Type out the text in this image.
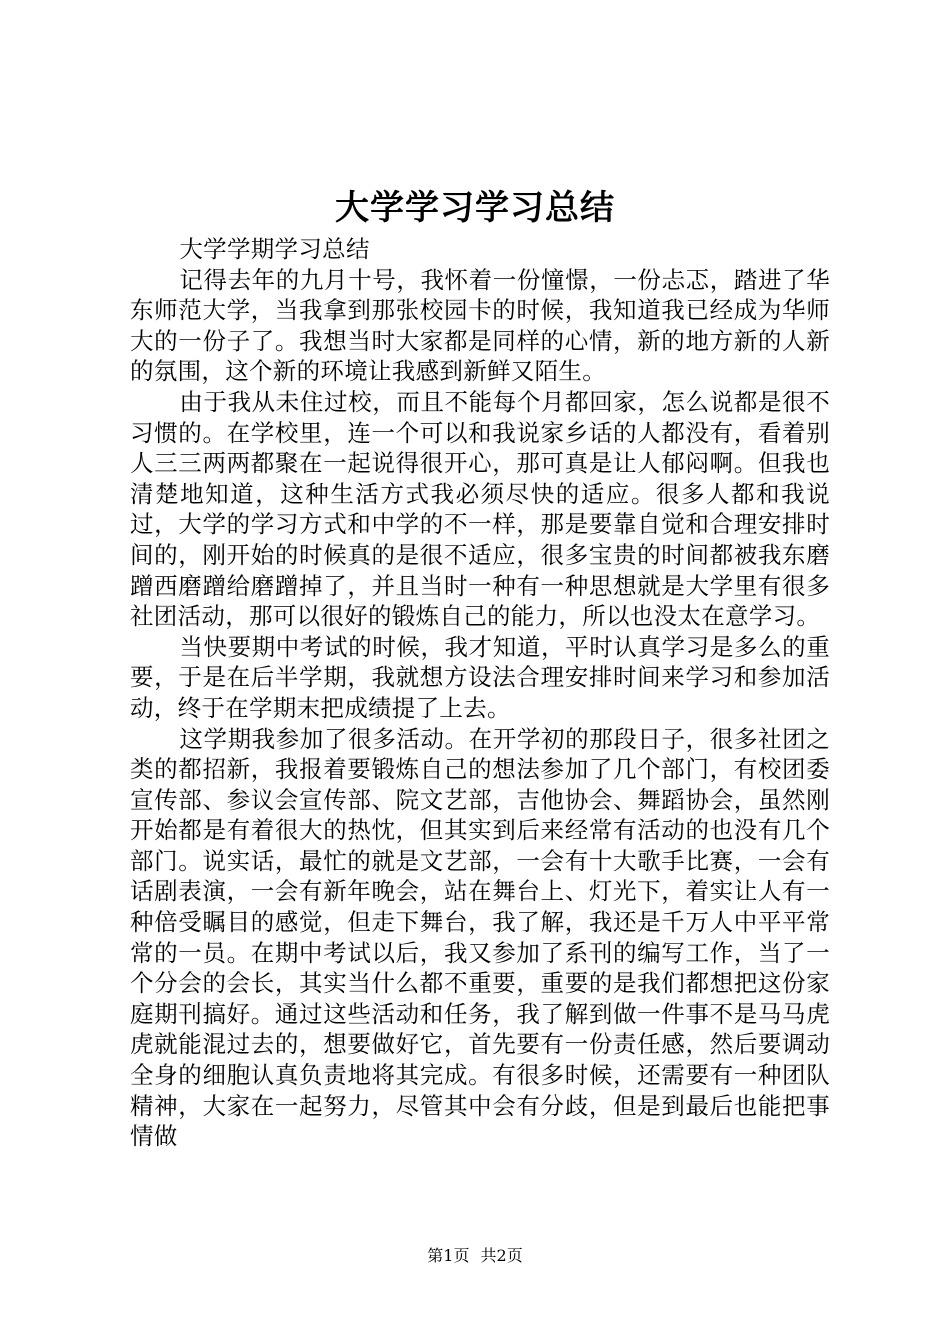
大学学习学习总结

大学学期学习总结

记得去年的九月十号，我怀着一份憧憬，一份忐忑，踏进了华东师范大学，当我拿到那张校园卡的时候，我知道我已经成为华师大的一份子了。我想当时大家都是同样的心情，新的地方新的人新的氛围，这个新的环境让我感到新鲜又陌生。

由于我从未住过校，而且不能每个月都回家，怎么说都是很不习惯的。在学校里，连一个可以和我说家乡话的人都没有，看着别人三三两两都聚在一起说得很开心，那可真是让人郁闷啊。但我也清楚地知道，这种生活方式我必须尽快的适应。很多人都和我说过，大学的学习方式和中学的不一样，那是要靠自觉和合理安排时间的，刚开始的时候真的是很不适应，很多宝贵的时间都被我东磨蹭西磨蹭给磨蹭掉了，并且当时一种有一种思想就是大学里有很多社团活动，那可以很好的锻炼自己的能力，所以也没太在意学习。

当快要期中考试的时候，我才知道，平时认真学习是多么的重要，于是在后半学期，我就想方设法合理安排时间来学习和参加活动，终于在学期末把成绩提了上去。

这学期我参加了很多活动。在开学初的那段日子，很多社团之类的都招新，我报着要锻炼自己的想法参加了几个部门，有校团委宣传部、参议会宣传部、院文艺部，吉他协会、舞蹈协会，虽然刚开始都是有着很大的热忱，但其实到后来经常有活动的也没有几个部门。说实话，最忙的就是文艺部，一会有十大歌手比赛，一会有话剧表演，一会有新年晚会，站在舞台上、灯光下，着实让人有一种倍受瞩目的感觉，但走下舞台，我了解，我还是千万人中平平常常的一员。在期中考试以后，我又参加了系刊的编写工作，当了一个分会的会长，其实当什么都不重要，重要的是我们都想把这份家庭期刊搞好。通过这些活动和任务，我了解到做一件事不是马马虎虎就能混过去的，想要做好它，首先要有一份责任感，然后要调动全身的细胞认真负责地将其完成。有很多时候，还需要有一种团队精神，大家在一起努力，尽管其中会有分歧，但是到最后也能把事情做

第1页 共2页
